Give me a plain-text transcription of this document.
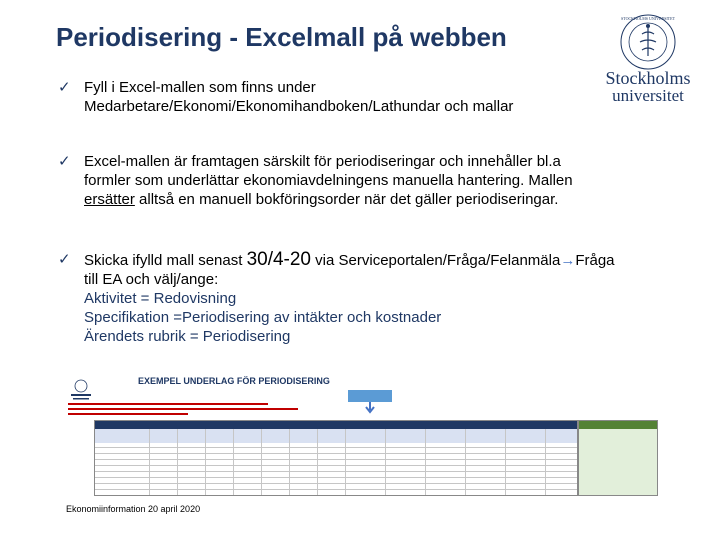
Periodisering - Excelmall på webben
STOCKHOLMS UNIVERSITET
Stockholms
universitet
✓ Fyll i Excel-mallen som finns under
Medarbetare/Ekonomi/Ekonomihandboken/Lathundar och mallar
✓ Excel-mallen är framtagen särskilt för periodiseringar och innehåller bl.a
formler som underlättar ekonomiavdelningens manuella hantering. Mallen
ersätter alltså en manuell bokföringsorder när det gäller periodiseringar.
✓ Skicka ifylld mall senast 30/4-20 via Serviceportalen/Fråga/Felanmäla→Fråga
till EA och välj/ange:
Aktivitet = Redovisning
Specifikation =Periodisering av intäkter och kostnader
Ärendets rubrik = Periodisering
EXEMPEL UNDERLAG FÖR PERIODISERING
Ekonomiinformation 20 april 2020
